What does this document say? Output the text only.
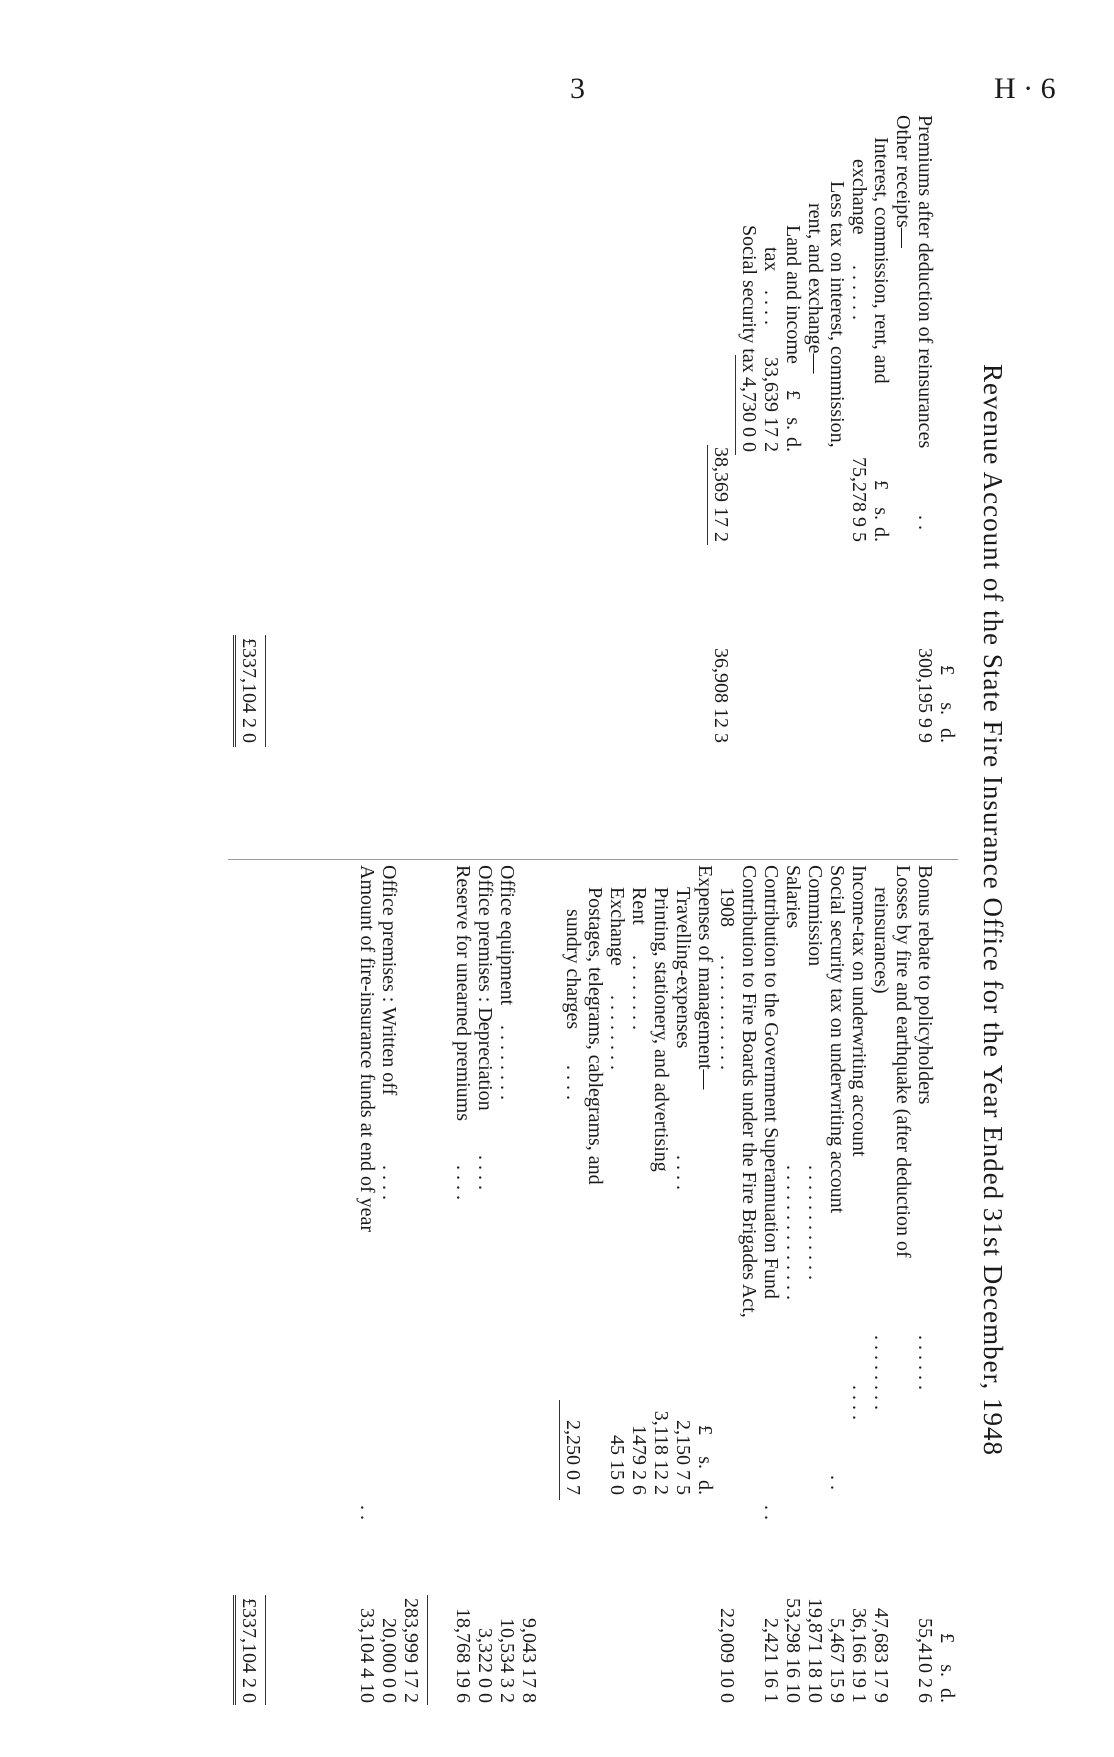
3	H · 6
Revenue Account of the State Fire Insurance Office for the Year Ended 31st December, 1948
£
s.
d.
Premiums after deduction of reinsurances
. .
300,195 9 9
Other receipts—
Interest, commission, rent, and
£
s.
d.
exchange
. . . . . .
75,278 9 5
Less tax on interest, commission,
rent, and exchange—
Land and income
£
s.
d.
tax
. . . .
33,639 17 2
Social security tax
4,730 0 0
38,369 17 2
36,908 12 3
£337,104 2 0
£
s.
d.
Bonus rebate to policyholders
. . . . . .
55,410 2 6
Losses by fire and earthquake (after deduction of
reinsurances)
. . . . . . . .
47,683 17 9
Income-tax on underwriting account
. . . .
36,166 19 1
Social security tax on underwriting account
. .
5,467 15 9
Commission
. . . . . . . . . . . .
19,871 18 10
Salaries
. . . . . . . . . . . . . .
53,298 16 10
Contribution to the Government Superannuation Fund
. .
2,421 16 1
Contribution to Fire Boards under the Fire Brigades Act,
1908
. . . . . . . . . . . .
22,009 10 0
Expenses of management—
£
s.
d.
Travelling-expenses
. . . .
2,150 7 5
Printing, stationery, and advertising
3,118 12 2
Rent
. . . . . . . .
1479 2 6
Exchange
. . . . . . . .
45 15 0
Postages, telegrams, cablegrams, and
sundry charges
. . . .
2,250 0 7
9,043 17 8
Office equipment
. . . . . . . .
10,534 3 2
Office premises : Depreciation
. . . .
3,322 0 0
Reserve for unearned premiums
. . . .
18,768 19 6
283,999 17 2
Office premises : Written off
. . . .
20,000 0 0
Amount of fire-insurance funds at end of year
. .
33,104 4 10
£337,104 2 0
